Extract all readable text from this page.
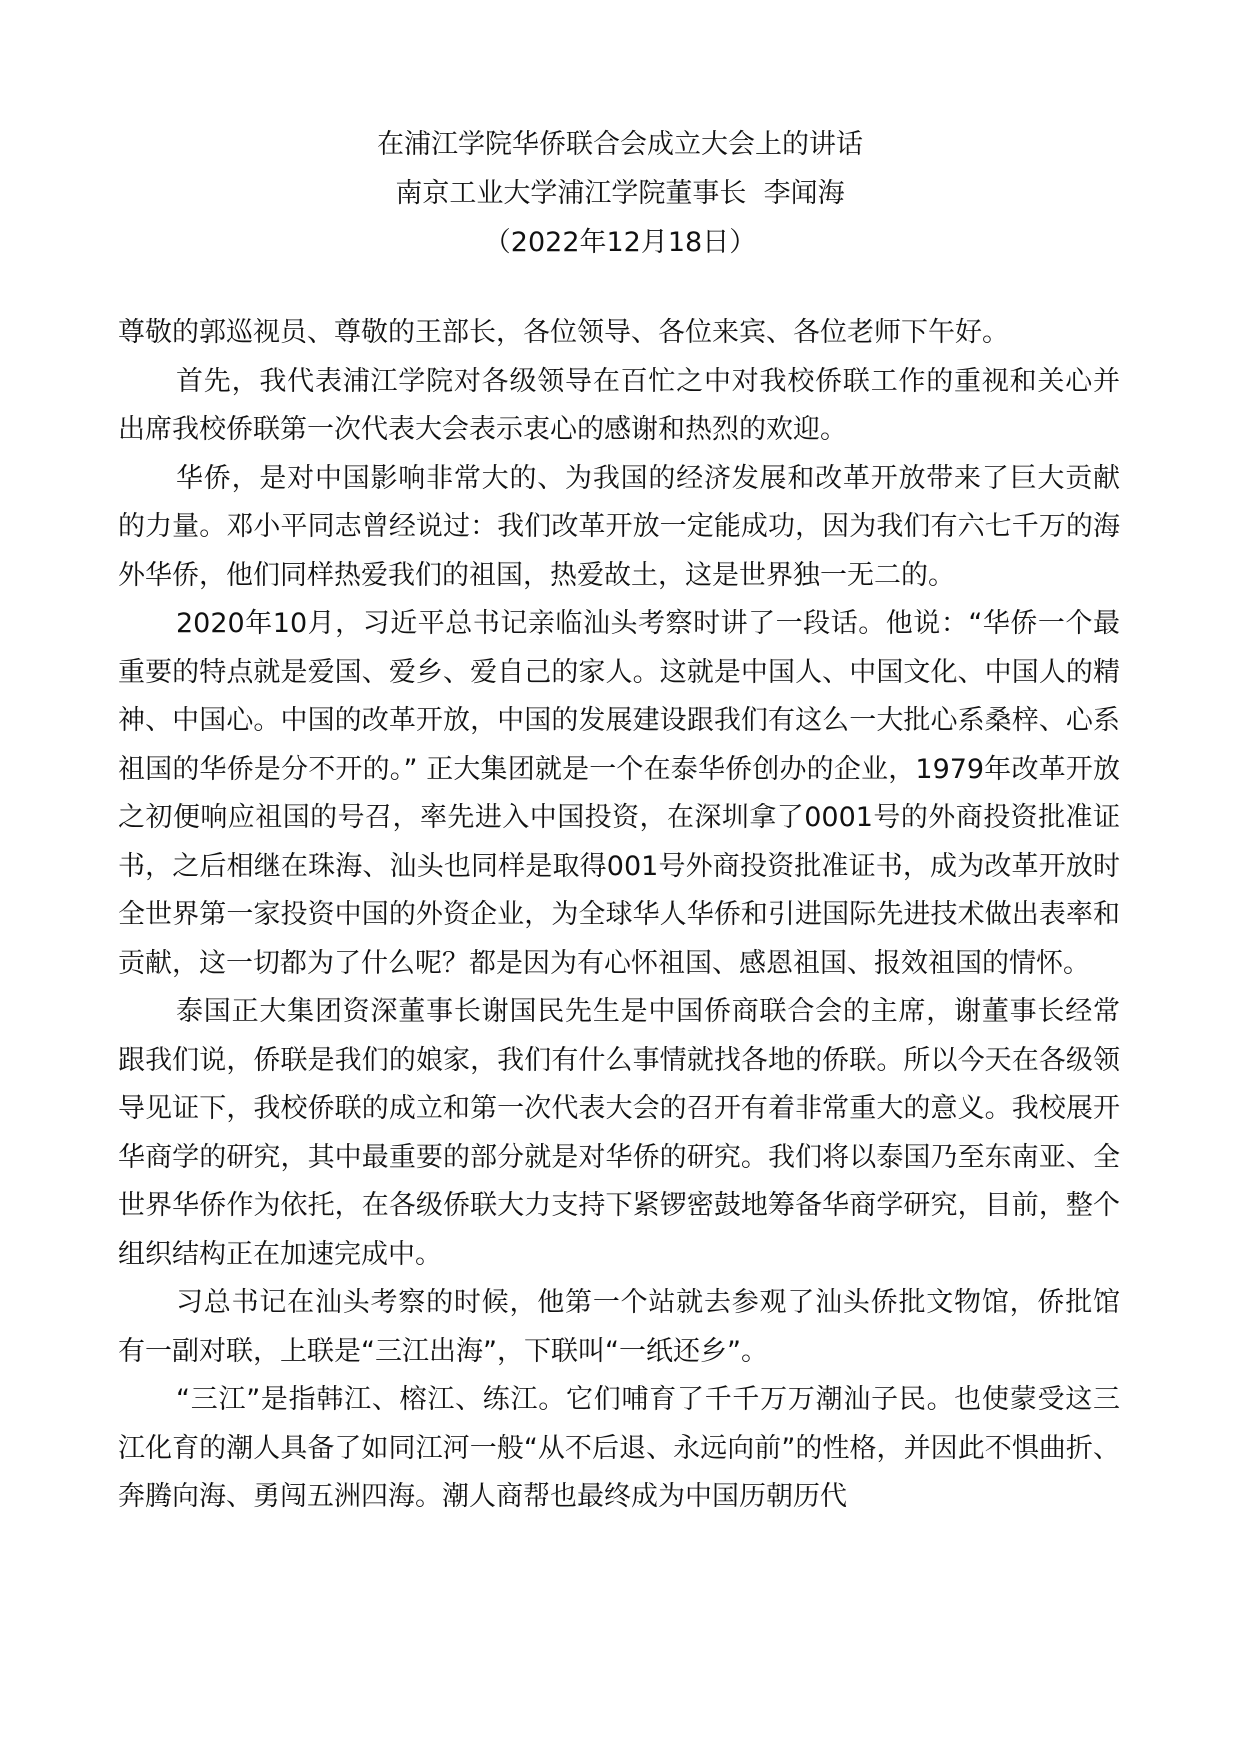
在浦江学院华侨联合会成立大会上的讲话
南京工业大学浦江学院董事长  李闻海
（2022年12月18日）

尊敬的郭巡视员、尊敬的王部长，各位领导、各位来宾、各位老师下午好。

首先，我代表浦江学院对各级领导在百忙之中对我校侨联工作的重视和关心并出席我校侨联第一次代表大会表示衷心的感谢和热烈的欢迎。

华侨，是对中国影响非常大的、为我国的经济发展和改革开放带来了巨大贡献的力量。邓小平同志曾经说过：我们改革开放一定能成功，因为我们有六七千万的海外华侨，他们同样热爱我们的祖国，热爱故土，这是世界独一无二的。

2020年10月，习近平总书记亲临汕头考察时讲了一段话。他说：“华侨一个最重要的特点就是爱国、爱乡、爱自己的家人。这就是中国人、中国文化、中国人的精神、中国心。中国的改革开放，中国的发展建设跟我们有这么一大批心系桑梓、心系祖国的华侨是分不开的。” 正大集团就是一个在泰华侨创办的企业，1979年改革开放之初便响应祖国的号召，率先进入中国投资，在深圳拿了0001号的外商投资批准证书，之后相继在珠海、汕头也同样是取得001号外商投资批准证书，成为改革开放时全世界第一家投资中国的外资企业，为全球华人华侨和引进国际先进技术做出表率和贡献，这一切都为了什么呢？都是因为有心怀祖国、感恩祖国、报效祖国的情怀。

泰国正大集团资深董事长谢国民先生是中国侨商联合会的主席，谢董事长经常跟我们说，侨联是我们的娘家，我们有什么事情就找各地的侨联。所以今天在各级领导见证下，我校侨联的成立和第一次代表大会的召开有着非常重大的意义。我校展开华商学的研究，其中最重要的部分就是对华侨的研究。我们将以泰国乃至东南亚、全世界华侨作为依托，在各级侨联大力支持下紧锣密鼓地筹备华商学研究，目前，整个组织结构正在加速完成中。

习总书记在汕头考察的时候，他第一个站就去参观了汕头侨批文物馆，侨批馆有一副对联，上联是“三江出海”，下联叫“一纸还乡”。

“三江”是指韩江、榕江、练江。它们哺育了千千万万潮汕子民。也使蒙受这三江化育的潮人具备了如同江河一般“从不后退、永远向前”的性格，并因此不惧曲折、奔腾向海、勇闯五洲四海。潮人商帮也最终成为中国历朝历代
